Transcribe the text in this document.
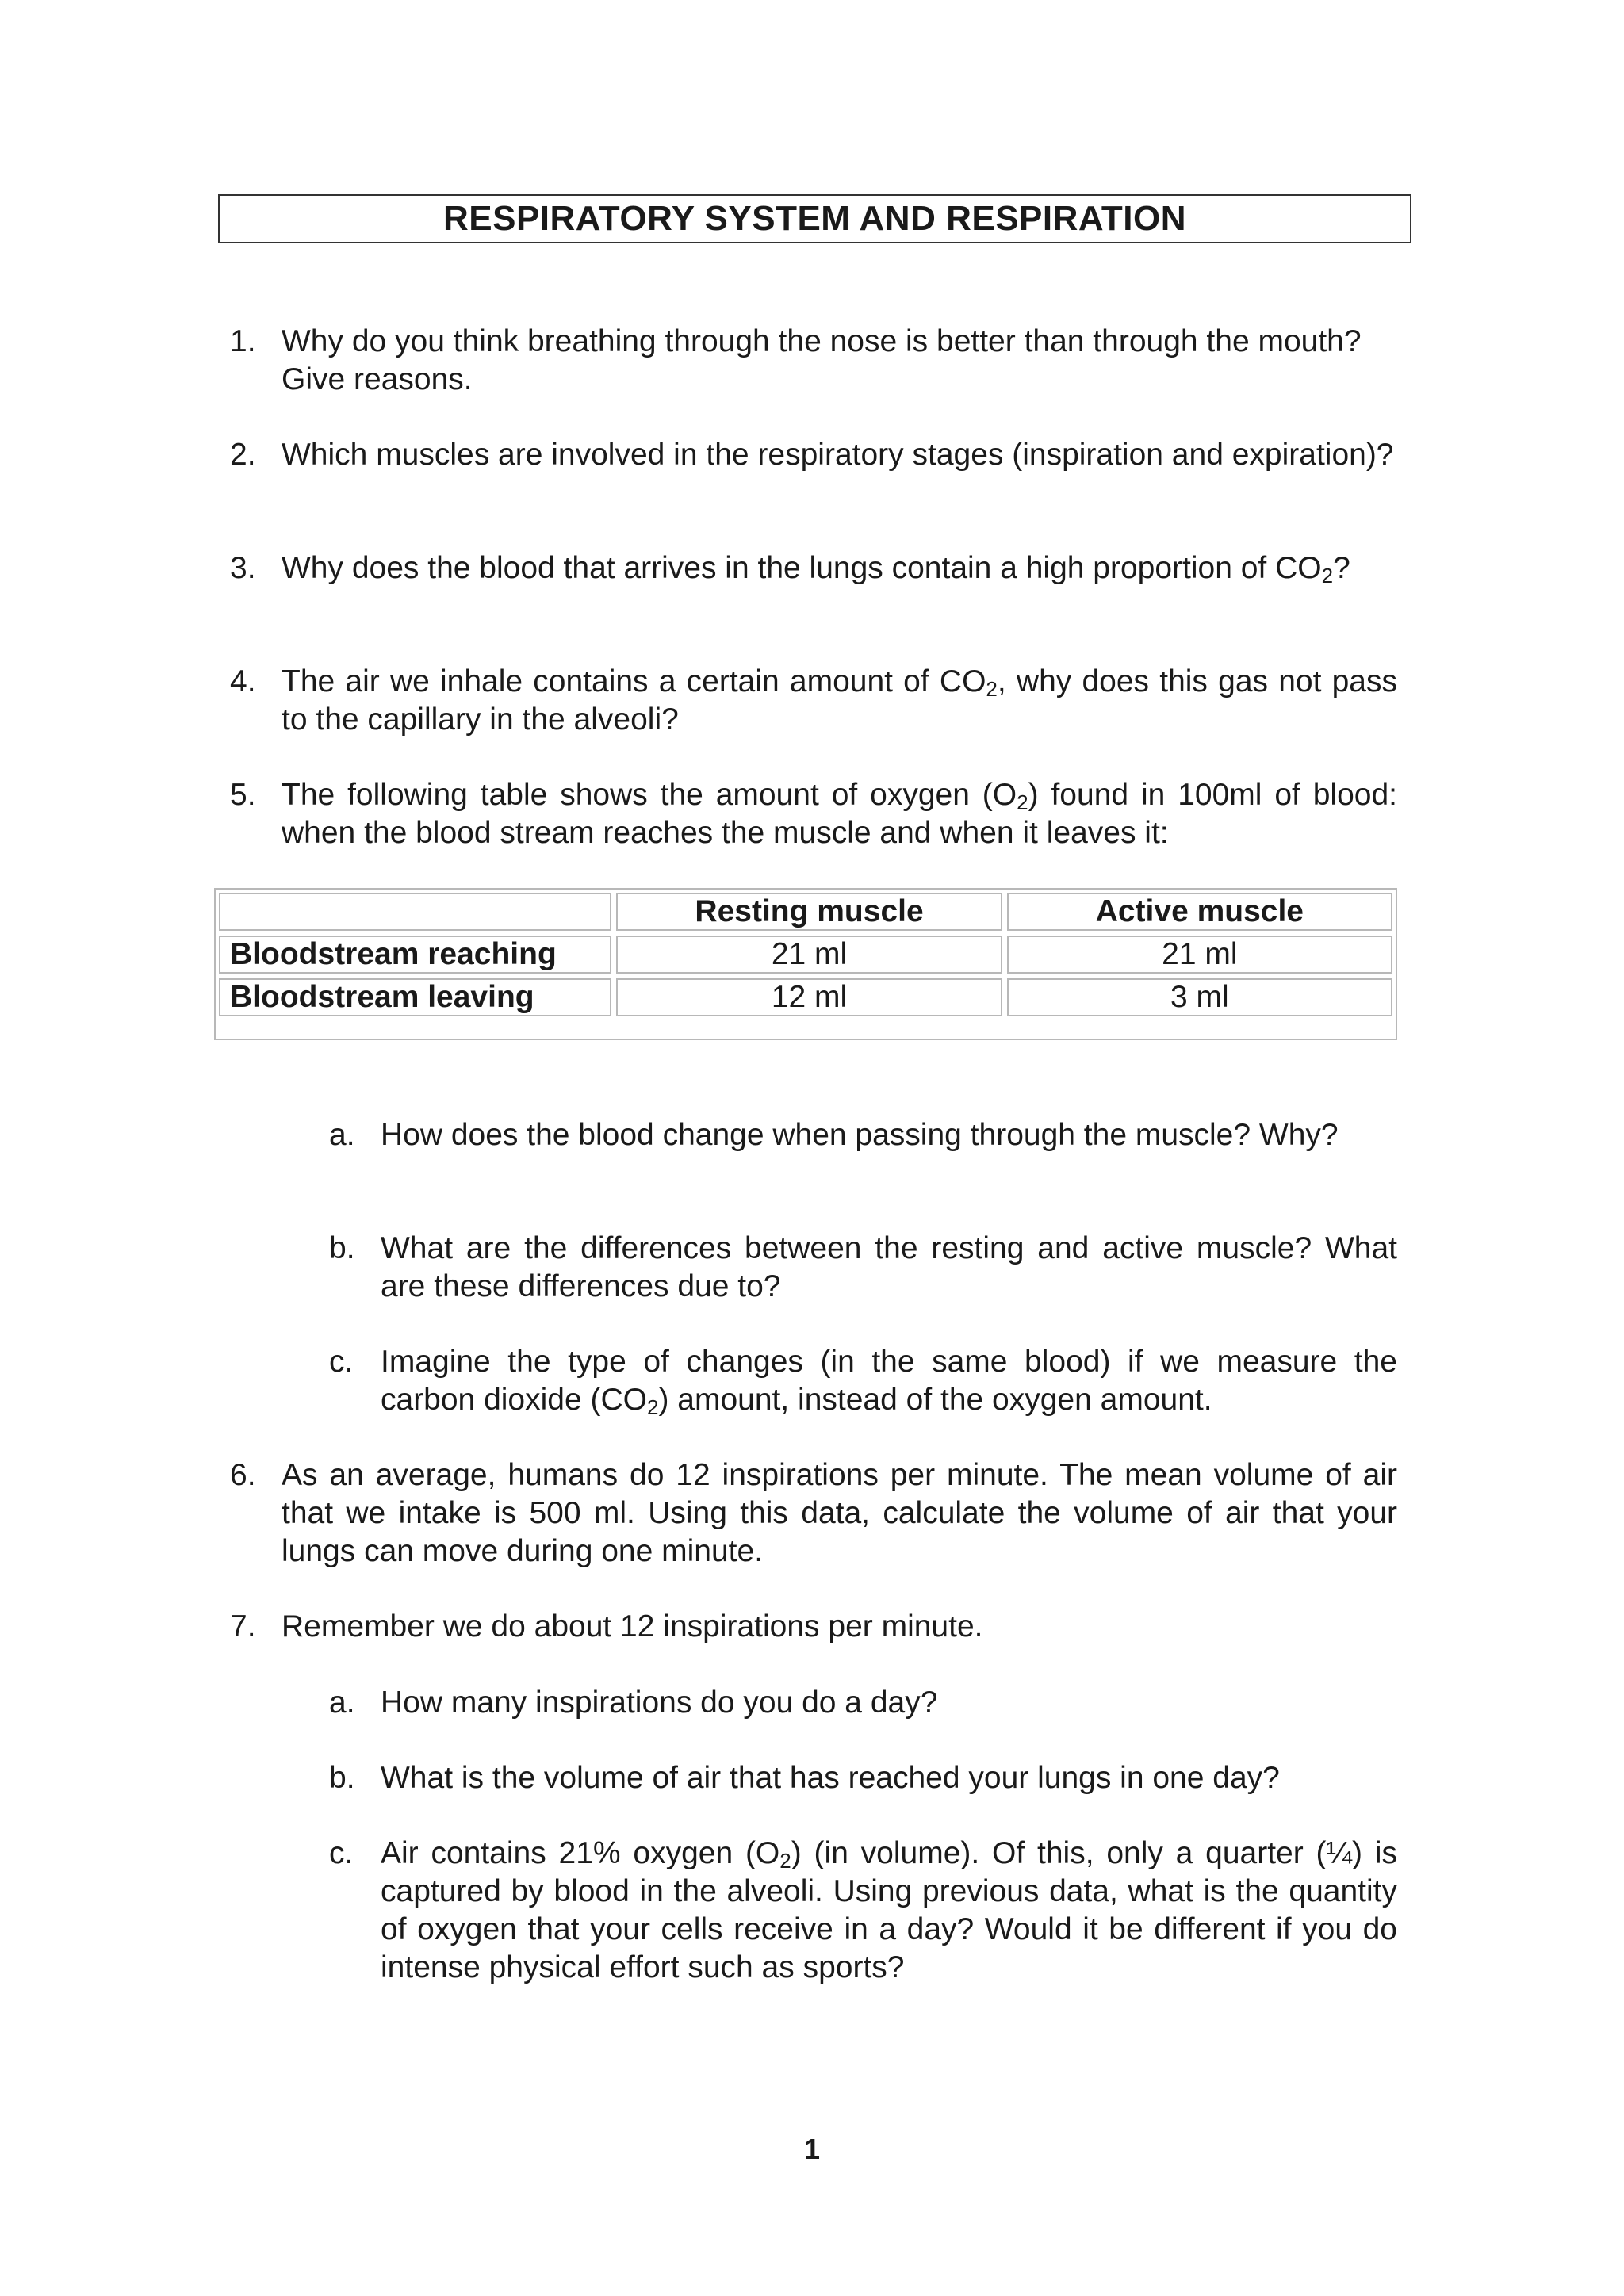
RESPIRATORY SYSTEM AND RESPIRATION
1. Why do you think breathing through the nose is better than through the mouth? Give reasons.
2. Which muscles are involved in the respiratory stages (inspiration and expiration)?
3. Why does the blood that arrives in the lungs contain a high proportion of $CO_2$?
4. The air we inhale contains a certain amount of $CO_2$, why does this gas not pass to the capillary in the alveoli?
5. The following table shows the amount of oxygen $(O_2)$ found in 100ml of blood: when the blood stream reaches the muscle and when it leaves it:
	Resting muscle	Active muscle
Bloodstream reaching	21 ml	21 ml
Bloodstream leaving	12 ml	3 ml
a. How does the blood change when passing through the muscle? Why?
b. What are the differences between the resting and active muscle? What are these differences due to?
c. Imagine the type of changes (in the same blood) if we measure the carbon dioxide $(CO_2)$ amount, instead of the oxygen amount.
6. As an average, humans do 12 inspirations per minute. The mean volume of air that we intake is 500 ml. Using this data, calculate the volume of air that your lungs can move during one minute.
7. Remember we do about 12 inspirations per minute.
a. How many inspirations do you do a day?
b. What is the volume of air that has reached your lungs in one day?
c. Air contains 21% oxygen $(O_2)$ (in volume). Of this, only a quarter (¼) is captured by blood in the alveoli. Using previous data, what is the quantity of oxygen that your cells receive in a day? Would it be different if you do intense physical effort such as sports?
1
